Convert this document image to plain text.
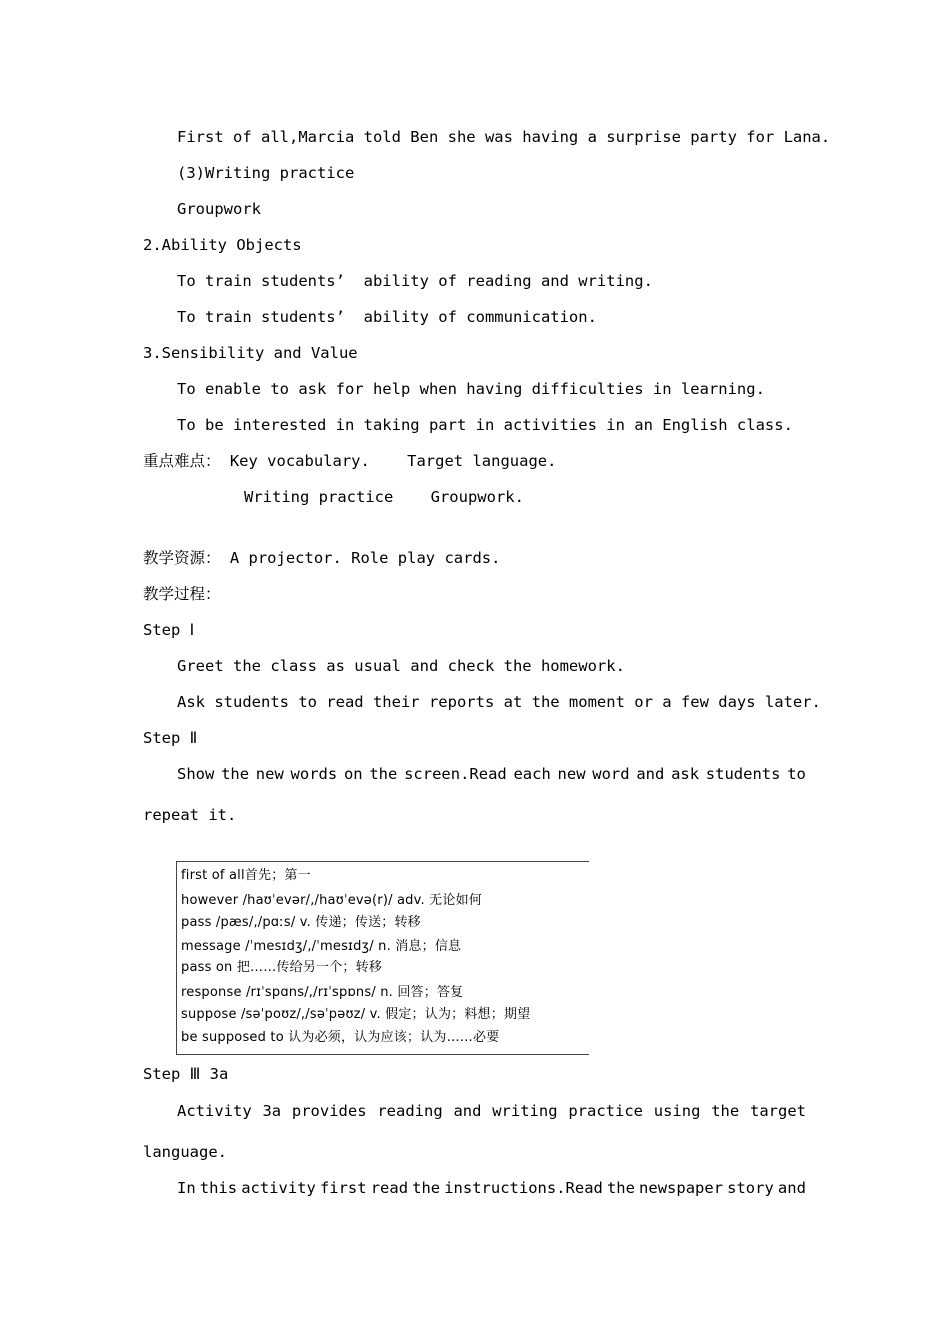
First of all,Marcia told Ben she was having a surprise party for Lana.
(3)Writing practice
Groupwork
2.Ability Objects
To train students’  ability of reading and writing.
To train students’  ability of communication.
3.Sensibility and Value
To enable to ask for help when having difficulties in learning.
To be interested in taking part in activities in an English class.
重点难点： Key vocabulary.    Target language.
Writing practice    Groupwork.
教学资源： A projector. Role play cards.
教学过程：
Step Ⅰ
Greet the class as usual and check the homework.
Ask students to read their reports at the moment or a few days later.
Step Ⅱ
Show the new words on the screen.Read each new word and ask students to
repeat it.
first of all首先；第一
however /haʊˈevər/,/haʊˈevə(r)/ adv. 无论如何
pass /pæs/,/pɑːs/ v. 传递；传送；转移
message /ˈmesɪdʒ/,/ˈmesɪdʒ/ n. 消息；信息
pass on 把……传给另一个；转移
response /rɪˈspɑns/,/rɪˈspɒns/ n. 回答；答复
suppose /səˈpoʊz/,/səˈpəʊz/ v. 假定；认为；料想；期望
be supposed to 认为必须，认为应该；认为……必要
Step Ⅲ 3a
Activity 3a provides reading and writing practice using the target
language.
In this activity first read the instructions.Read the newspaper story and
